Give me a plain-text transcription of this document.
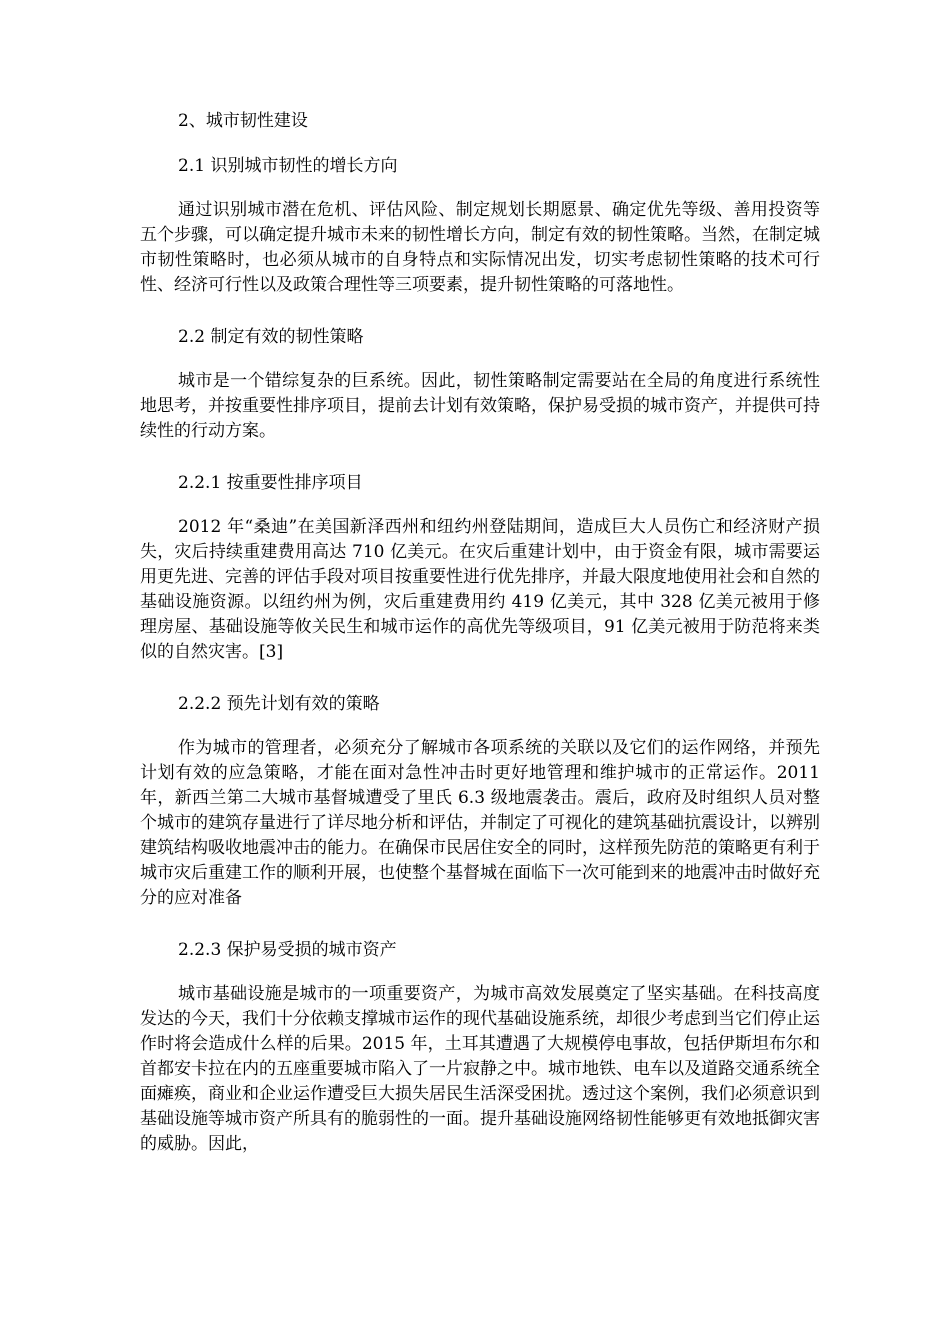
2、城市韧性建设

2.1 识别城市韧性的增长方向

通过识别城市潜在危机、评估风险、制定规划长期愿景、确定优先等级、善用投资等五个步骤，可以确定提升城市未来的韧性增长方向，制定有效的韧性策略。当然，在制定城市韧性策略时，也必须从城市的自身特点和实际情况出发，切实考虑韧性策略的技术可行性、经济可行性以及政策合理性等三项要素，提升韧性策略的可落地性。

2.2 制定有效的韧性策略

城市是一个错综复杂的巨系统。因此，韧性策略制定需要站在全局的角度进行系统性地思考，并按重要性排序项目，提前去计划有效策略，保护易受损的城市资产，并提供可持续性的行动方案。

2.2.1 按重要性排序项目

2012 年“桑迪”在美国新泽西州和纽约州登陆期间，造成巨大人员伤亡和经济财产损失，灾后持续重建费用高达 710 亿美元。在灾后重建计划中，由于资金有限，城市需要运用更先进、完善的评估手段对项目按重要性进行优先排序，并最大限度地使用社会和自然的基础设施资源。以纽约州为例，灾后重建费用约 419 亿美元，其中 328 亿美元被用于修理房屋、基础设施等攸关民生和城市运作的高优先等级项目，91 亿美元被用于防范将来类似的自然灾害。[3]

2.2.2 预先计划有效的策略

作为城市的管理者，必须充分了解城市各项系统的关联以及它们的运作网络，并预先计划有效的应急策略，才能在面对急性冲击时更好地管理和维护城市的正常运作。2011 年，新西兰第二大城市基督城遭受了里氏 6.3 级地震袭击。震后，政府及时组织人员对整个城市的建筑存量进行了详尽地分析和评估，并制定了可视化的建筑基础抗震设计，以辨别建筑结构吸收地震冲击的能力。在确保市民居住安全的同时，这样预先防范的策略更有利于城市灾后重建工作的顺利开展，也使整个基督城在面临下一次可能到来的地震冲击时做好充分的应对准备

2.2.3 保护易受损的城市资产

城市基础设施是城市的一项重要资产，为城市高效发展奠定了坚实基础。在科技高度发达的今天，我们十分依赖支撑城市运作的现代基础设施系统，却很少考虑到当它们停止运作时将会造成什么样的后果。2015 年，土耳其遭遇了大规模停电事故，包括伊斯坦布尔和首都安卡拉在内的五座重要城市陷入了一片寂静之中。城市地铁、电车以及道路交通系统全面瘫痪，商业和企业运作遭受巨大损失居民生活深受困扰。透过这个案例，我们必须意识到基础设施等城市资产所具有的脆弱性的一面。提升基础设施网络韧性能够更有效地抵御灾害的威胁。因此，
